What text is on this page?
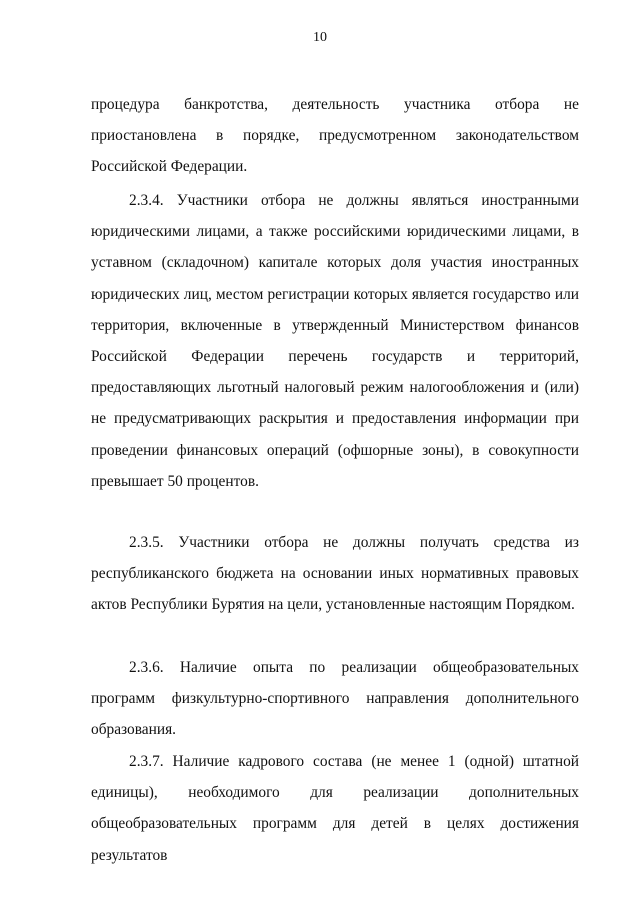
10

процедура банкротства, деятельность участника отбора не приостановлена в порядке, предусмотренном законодательством Российской Федерации.

2.3.4. Участники отбора не должны являться иностранными юридическими лицами, а также российскими юридическими лицами, в уставном (складочном) капитале которых доля участия иностранных юридических лиц, местом регистрации которых является государство или территория, включенные в утвержденный Министерством финансов Российской Федерации перечень государств и территорий, предоставляющих льготный налоговый режим налогообложения и (или) не предусматривающих раскрытия и предоставления информации при проведении финансовых операций (офшорные зоны), в совокупности превышает 50 процентов.

2.3.5. Участники отбора не должны получать средства из республиканского бюджета на основании иных нормативных правовых актов Республики Бурятия на цели, установленные настоящим Порядком.

2.3.6. Наличие опыта по реализации общеобразовательных программ физкультурно-спортивного направления дополнительного образования.

2.3.7. Наличие кадрового состава (не менее 1 (одной) штатной единицы), необходимого для реализации дополнительных общеобразовательных программ для детей в целях достижения результатов
